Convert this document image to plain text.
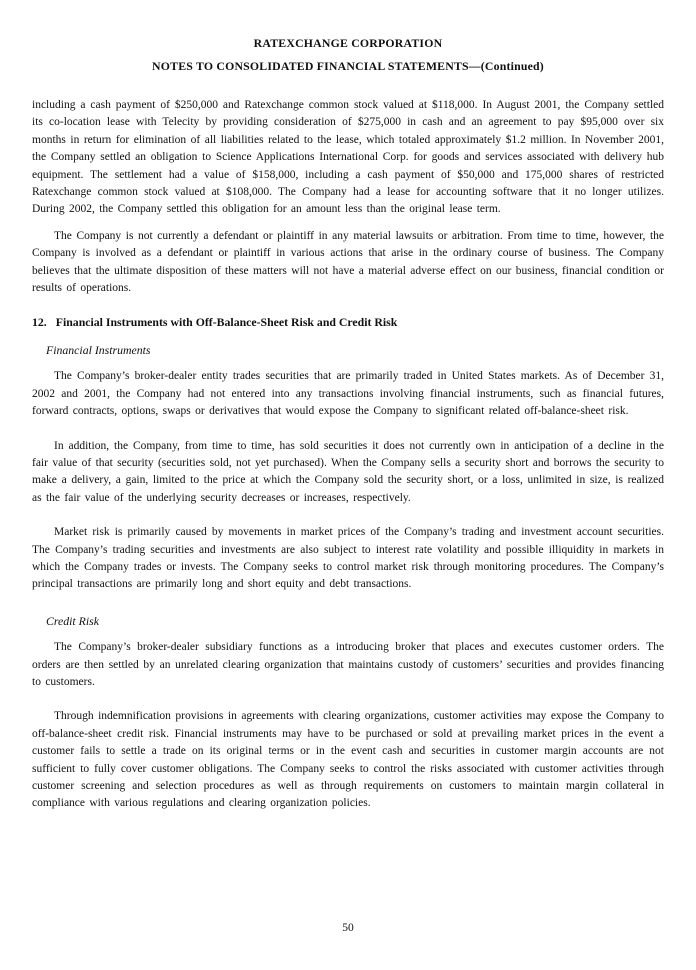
RATEXCHANGE CORPORATION
NOTES TO CONSOLIDATED FINANCIAL STATEMENTS—(Continued)

including a cash payment of $250,000 and Ratexchange common stock valued at $118,000. In August 2001, the Company settled its co-location lease with Telecity by providing consideration of $275,000 in cash and an agreement to pay $95,000 over six months in return for elimination of all liabilities related to the lease, which totaled approximately $1.2 million. In November 2001, the Company settled an obligation to Science Applications International Corp. for goods and services associated with delivery hub equipment. The settlement had a value of $158,000, including a cash payment of $50,000 and 175,000 shares of restricted Ratexchange common stock valued at $108,000. The Company had a lease for accounting software that it no longer utilizes. During 2002, the Company settled this obligation for an amount less than the original lease term.

The Company is not currently a defendant or plaintiff in any material lawsuits or arbitration. From time to time, however, the Company is involved as a defendant or plaintiff in various actions that arise in the ordinary course of business. The Company believes that the ultimate disposition of these matters will not have a material adverse effect on our business, financial condition or results of operations.

12. Financial Instruments with Off-Balance-Sheet Risk and Credit Risk
Financial Instruments

The Company’s broker-dealer entity trades securities that are primarily traded in United States markets. As of December 31, 2002 and 2001, the Company had not entered into any transactions involving financial instruments, such as financial futures, forward contracts, options, swaps or derivatives that would expose the Company to significant related off-balance-sheet risk.

In addition, the Company, from time to time, has sold securities it does not currently own in anticipation of a decline in the fair value of that security (securities sold, not yet purchased). When the Company sells a security short and borrows the security to make a delivery, a gain, limited to the price at which the Company sold the security short, or a loss, unlimited in size, is realized as the fair value of the underlying security decreases or increases, respectively.

Market risk is primarily caused by movements in market prices of the Company’s trading and investment account securities. The Company’s trading securities and investments are also subject to interest rate volatility and possible illiquidity in markets in which the Company trades or invests. The Company seeks to control market risk through monitoring procedures. The Company’s principal transactions are primarily long and short equity and debt transactions.

Credit Risk

The Company’s broker-dealer subsidiary functions as a introducing broker that places and executes customer orders. The orders are then settled by an unrelated clearing organization that maintains custody of customers’ securities and provides financing to customers.

Through indemnification provisions in agreements with clearing organizations, customer activities may expose the Company to off-balance-sheet credit risk. Financial instruments may have to be purchased or sold at prevailing market prices in the event a customer fails to settle a trade on its original terms or in the event cash and securities in customer margin accounts are not sufficient to fully cover customer obligations. The Company seeks to control the risks associated with customer activities through customer screening and selection procedures as well as through requirements on customers to maintain margin collateral in compliance with various regulations and clearing organization policies.

50
